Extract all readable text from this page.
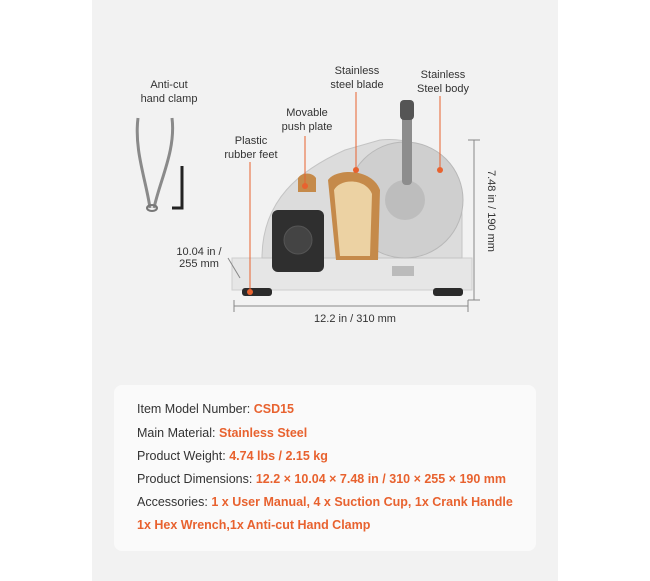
Anti-cut
hand clamp
Stainless
steel blade
Stainless
Steel body
Movable
push plate
Plastic
rubber feet
10.04 in /
255 mm
12.2 in / 310 mm
7.48 in / 190 mm
Item Model Number: CSD15
Main Material: Stainless Steel
Product Weight: 4.74 lbs / 2.15 kg
Product Dimensions: 12.2 × 10.04 × 7.48 in / 310 × 255 × 190 mm
Accessories: 1 x User Manual, 4 x Suction Cup, 1x Crank Handle
1x Hex Wrench,1x Anti-cut Hand Clamp
